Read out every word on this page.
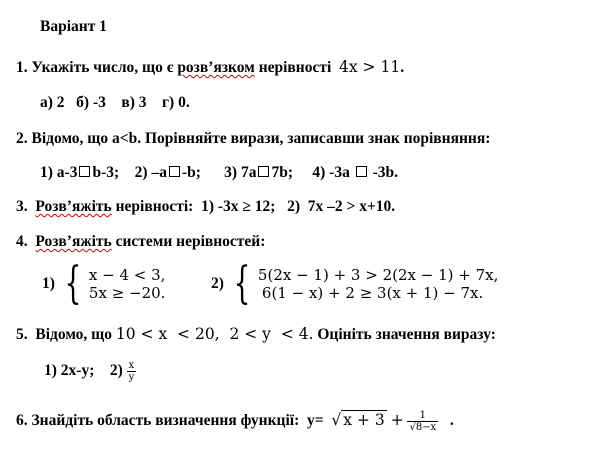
Варіант 1
1. Укажіть число, що є розв’язком нерівності 4x > 11.
а) 2   б) -3    в) 3    г) 0.
2. Відомо, що a<b. Порівняйте вирази, записавши знак порівняння:
1) a-3 b-3; 2) –a -b; 3) 7a 7b; 4) -3a -3b.
3. Розв’яжіть нерівності: 1) -3x ≥ 12;   2)  7x –2 > x+10.
4. Розв’яжіть системи нерівностей:
1) { x − 4 < 3,
5x ≥ −20.
2) { 5(2x − 1) + 3 > 2(2x − 1) + 7x,
6(1 − x) + 2 ≥ 3(x + 1) − 7x.
5. Відомо, що 10 < x  < 20,  2 < y  < 4. Оцініть значення виразу:
1) 2x-y; $2) \frac{x}{y}$
6. Знайдіть область визначення функції: y= √ $x + 3 + \frac{1}{√8-x}$ .
